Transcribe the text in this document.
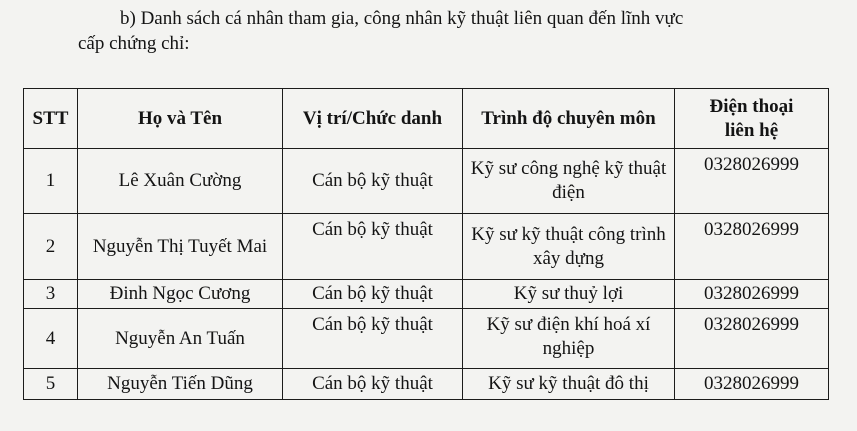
b) Danh sách cá nhân tham gia, công nhân kỹ thuật liên quan đến lĩnh vực
cấp chứng chỉ:
STT	Họ và Tên	Vị trí/Chức danh	Trình độ chuyên môn	Điện thoại
liên hệ

1	Lê Xuân Cường	Cán bộ kỹ thuật	Kỹ sư công nghệ kỹ thuật điện	0328026999
2	Nguyễn Thị Tuyết Mai	Cán bộ kỹ thuật	Kỹ sư kỹ thuật công trình xây dựng	0328026999
3	Đinh Ngọc Cương	Cán bộ kỹ thuật	Kỹ sư thuỷ lợi	0328026999
4	Nguyễn An Tuấn	Cán bộ kỹ thuật	Kỹ sư điện khí hoá xí nghiệp	0328026999
5	Nguyễn Tiến Dũng	Cán bộ kỹ thuật	Kỹ sư kỹ thuật đô thị	0328026999
